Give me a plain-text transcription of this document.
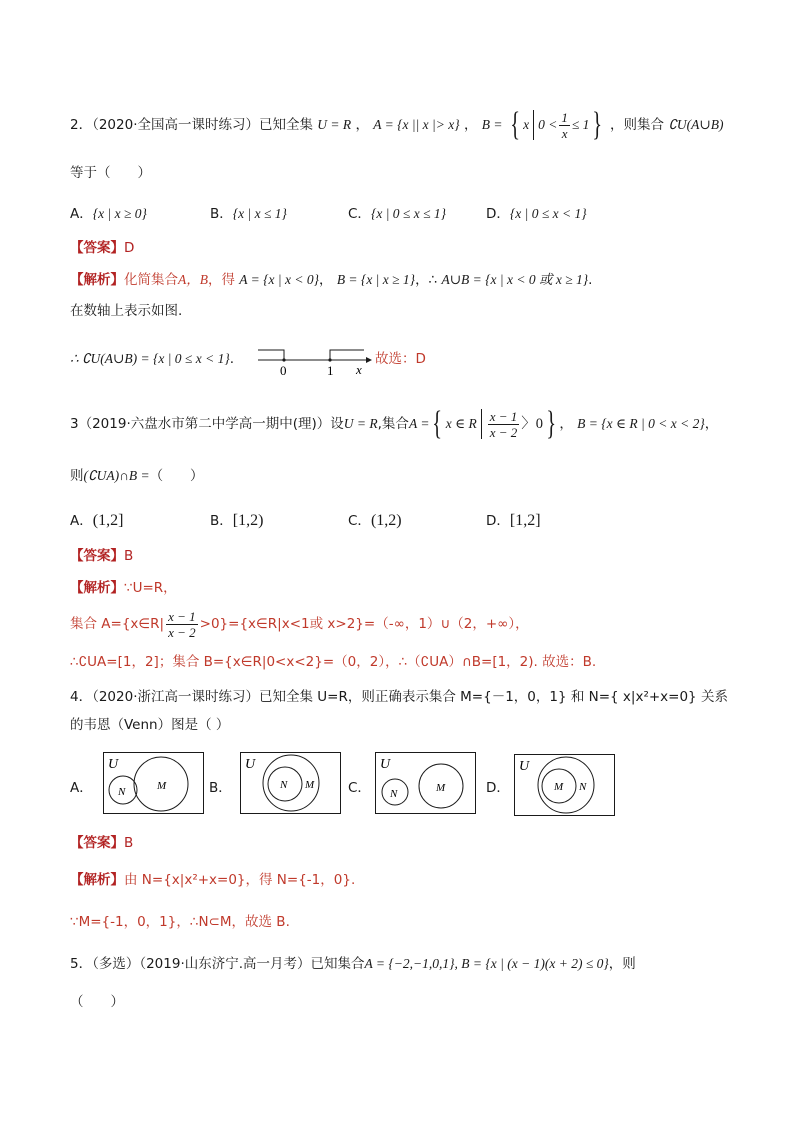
2．（2020·全国高一课时练习）已知全集 U = R ， A = {x || x |> x} ， B = { x $0 < \frac{1}{x} \le 1$} ，则集合 ∁U(A∪B)
等于（　　）
A．{x | x ≥ 0}	B．{x | x ≤ 1}	C．{x | 0 ≤ x ≤ 1}	D．{x | 0 ≤ x < 1}
【答案】D
【解析】化简集合A，B，得 A = {x | x < 0}， B = {x | x ≥ 1}，∴ A∪B = {x | x < 0 或 x ≥ 1}.
在数轴上表示如图.
∴ ∁U(A∪B) = {x | 0 ≤ x < 1}.
0	1 x
故选：D
3（2019·六盘水市第二中学高一期中(理)）设U = R,集合A ={ x ∈ R $\frac{x - 1}{x - 2}$ 〉0} ， B = {x ∈ R | 0 < x < 2}，
则(∁UA)∩B =（　　）
A．(1,2]	B．[1,2)	C．(1,2)	D．[1,2]
【答案】B
【解析】∵U=R，
集合 A={x∈R| $\frac{x - 1}{x - 2}$ >0}={x∈R|x<1或 x>2}=（-∞，1）∪（2，+∞），
∴∁UA=[1，2]；集合 B={x∈R|0<x<2}=（0，2），∴（∁UA）∩B=[1，2). 故选：B.
4．（2020·浙江高一课时练习）已知全集 U=R，则正确表示集合 M={－1，0，1} 和 N={ x|x²+x=0} 关系
的韦恩（Venn）图是（ ）
A．
U
N	M	B．
U
N M	C．
U
N	M	D．
U
M N
【答案】B
【解析】由 N={x|x²+x=0}，得 N={-1，0}.
∵M={-1，0，1}，∴N⊂M，故选 B.
5．（多选）（2019·山东济宁.高一月考）已知集合A = {−2,−1,0,1}, B = {x | (x − 1)(x + 2) ≤ 0}，则
（　　）
